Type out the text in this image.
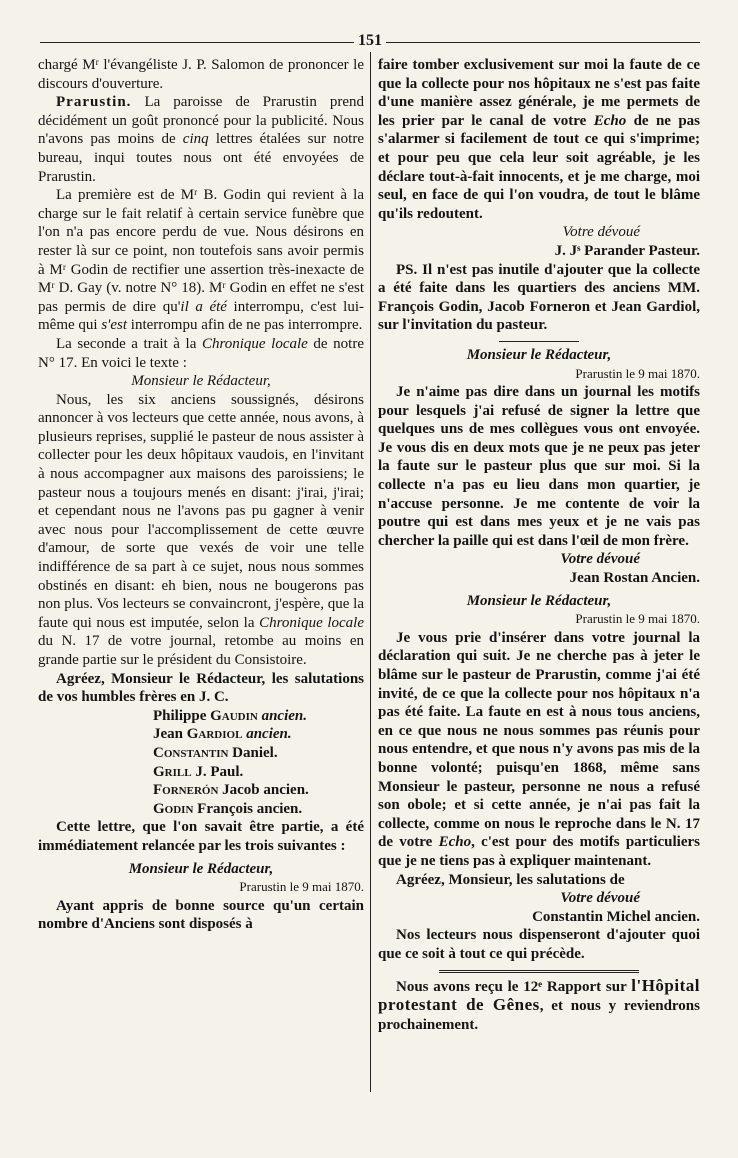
151

chargé Mʳ l'évangéliste J. P. Salomon de prononcer le discours d'ouverture.

Prarustin. La paroisse de Prarustin prend décidément un goût prononcé pour la publicité. Nous n'avons pas moins de cinq lettres étalées sur notre bureau, inqui toutes nous ont été envoyées de Prarustin.

La première est de Mʳ B. Godin qui revient à la charge sur le fait relatif à certain service funèbre que l'on n'a pas encore perdu de vue. Nous désirons en rester là sur ce point, non toutefois sans avoir permis à Mʳ Godin de rectifier une assertion très-inexacte de Mʳ D. Gay (v. notre N° 18). Mʳ Godin en effet ne s'est pas permis de dire qu'il a été interrompu, c'est lui-même qui s'est interrompu afin de ne pas interrompre.

La seconde a trait à la Chronique locale de notre N° 17. En voici le texte :

Monsieur le Rédacteur,

Nous, les six anciens soussignés, désirons annoncer à vos lecteurs que cette année, nous avons, à plusieurs reprises, supplié le pasteur de nous assister à collecter pour les deux hôpitaux vaudois, en l'invitant à nous accompagner aux maisons des paroissiens; le pasteur nous a toujours menés en disant: j'irai, j'irai; et cependant nous ne l'avons pas pu gagner à venir avec nous pour l'accomplissement de cette œuvre d'amour, de sorte que vexés de voir une telle indifférence de sa part à ce sujet, nous nous sommes obstinés en disant: eh bien, nous ne bougerons pas non plus. Vos lecteurs se convaincront, j'espère, que la faute qui nous est imputée, selon la Chronique locale du N. 17 de votre journal, retombe au moins en grande partie sur le président du Consistoire.

Agréez, Monsieur le Rédacteur, les salutations de vos humbles frères en J. C.

Philippe Gaudin ancien.
Jean Gardiol ancien.
Constantin Daniel.
Grill J. Paul.
Fornerón Jacob ancien.
Godin François ancien.

Cette lettre, que l'on savait être partie, a été immédiatement relancée par les trois suivantes :

Monsieur le Rédacteur,

Prarustin le 9 mai 1870.

Ayant appris de bonne source qu'un certain nombre d'Anciens sont disposés à

faire tomber exclusivement sur moi la faute de ce que la collecte pour nos hôpitaux ne s'est pas faite d'une manière assez générale, je me permets de les prier par le canal de votre Echo de ne pas s'alarmer si facilement de tout ce qui s'imprime; et pour peu que cela leur soit agréable, je les déclare tout-à-fait innocents, et je me charge, moi seul, en face de qui l'on voudra, de tout le blâme qu'ils redoutent.

Votre dévoué

J. Jˢ Parander Pasteur.

PS. Il n'est pas inutile d'ajouter que la collecte a été faite dans les quartiers des anciens MM. François Godin, Jacob Forneron et Jean Gardiol, sur l'invitation du pasteur.

Monsieur le Rédacteur,

Prarustin le 9 mai 1870.

Je n'aime pas dire dans un journal les motifs pour lesquels j'ai refusé de signer la lettre que quelques uns de mes collègues vous ont envoyée. Je vous dis en deux mots que je ne peux pas jeter la faute sur le pasteur plus que sur moi. Si la collecte n'a pas eu lieu dans mon quartier, je n'accuse personne. Je me contente de voir la poutre qui est dans mes yeux et je ne vais pas chercher la paille qui est dans l'œil de mon frère.

Votre dévoué

Jean Rostan Ancien.

Monsieur le Rédacteur,

Prarustin le 9 mai 1870.

Je vous prie d'insérer dans votre journal la déclaration qui suit. Je ne cherche pas à jeter le blâme sur le pasteur de Prarustin, comme j'ai été invité, de ce que la collecte pour nos hôpitaux n'a pas été faite. La faute en est à nous tous anciens, en ce que nous ne nous sommes pas réunis pour nous entendre, et que nous n'y avons pas mis de la bonne volonté; puisqu'en 1868, même sans Monsieur le pasteur, personne ne nous a refusé son obole; et si cette année, je n'ai pas fait la collecte, comme on nous le reproche dans le N. 17 de votre Echo, c'est pour des motifs particuliers que je ne tiens pas à expliquer maintenant.

Agréez, Monsieur, les salutations de

Votre dévoué

Constantin Michel ancien.

Nos lecteurs nous dispenseront d'ajouter quoi que ce soit à tout ce qui précède.

Nous avons reçu le 12ᵉ Rapport sur l'Hôpital protestant de Gênes, et nous y reviendrons prochainement.
